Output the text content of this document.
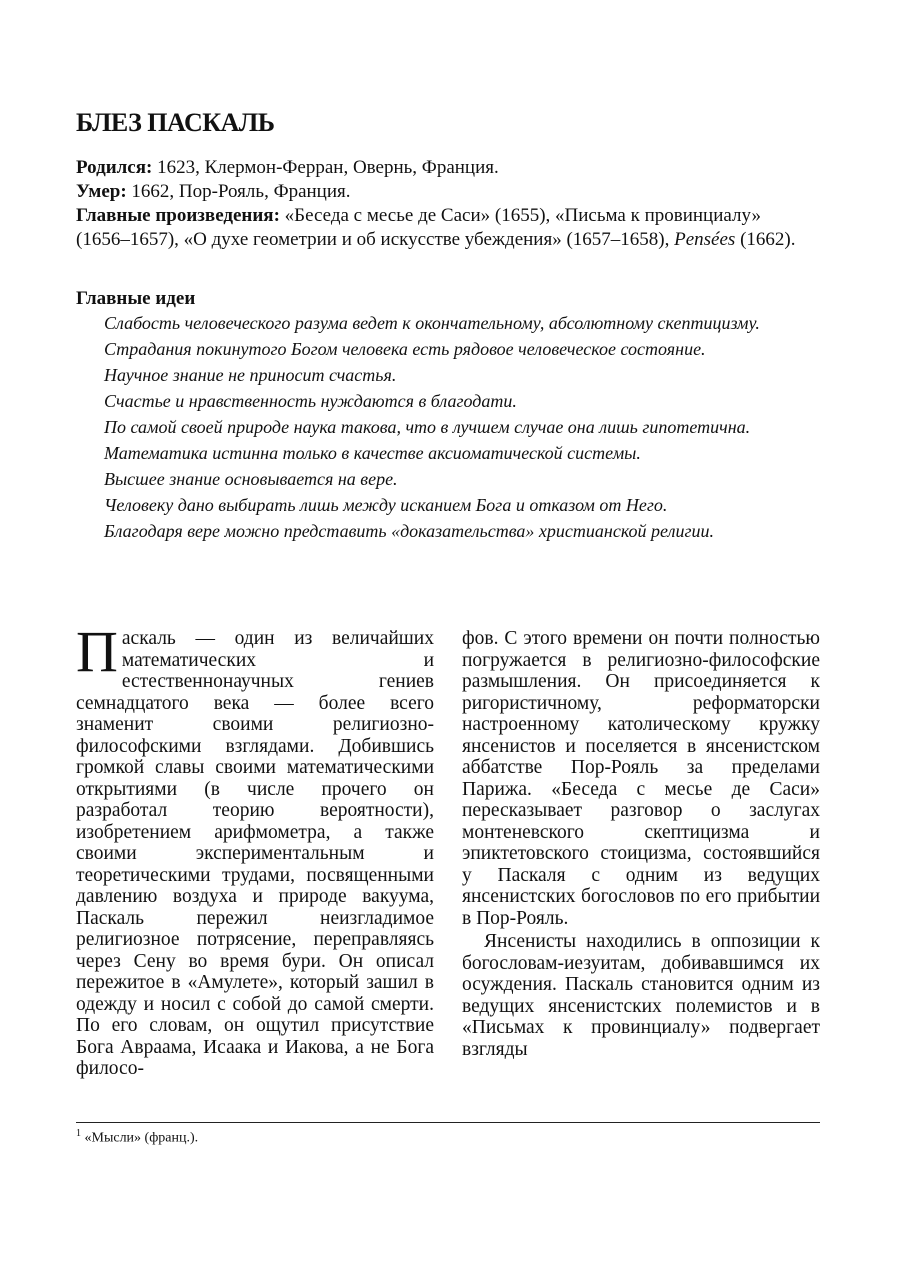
БЛЕЗ ПАСКАЛЬ

Родился: 1623, Клермон-Ферран, Овернь, Франция.

Умер: 1662, Пор-Рояль, Франция.

Главные произведения: «Беседа с месье де Саси» (1655), «Письма к провинциалу» (1656–1657), «О духе геометрии и об искусстве убеждения» (1657–1658), Pensées (1662).

Главные идеи
Слабость человеческого разума ведет к окончательному, абсолютному скептицизму.
Страдания покинутого Богом человека есть рядовое человеческое состояние.
Научное знание не приносит счастья.
Счастье и нравственность нуждаются в благодати.
По самой своей природе наука такова, что в лучшем случае она лишь гипотетична.
Математика истинна только в качестве аксиоматической системы.
Высшее знание основывается на вере.
Человеку дано выбирать лишь между исканием Бога и отказом от Него.
Благодаря вере можно представить «доказательства» христианской религии.

Паскаль — один из величайших математических и естественнонаучных гениев семнадцатого века — более всего знаменит своими религиозно-философскими взглядами. Добившись громкой славы своими математическими открытиями (в числе прочего он разработал теорию вероятности), изобретением арифмометра, а также своими экспериментальным и теоретическими трудами, посвященными давлению воздуха и природе вакуума, Паскаль пережил неизгладимое религиозное потрясение, переправляясь через Сену во время бури. Он описал пережитое в «Амулете», который зашил в одежду и носил с собой до самой смерти. По его словам, он ощутил присутствие Бога Авраама, Исаака и Иакова, а не Бога филосо-

фов. С этого времени он почти полностью погружается в религиозно-философские размышления. Он присоединяется к ригористичному, реформаторски настроенному католическому кружку янсенистов и поселяется в янсенистском аббатстве Пор-Рояль за пределами Парижа. «Беседа с месье де Саси» пересказывает разговор о заслугах монтеневского скептицизма и эпиктетовского стоицизма, состоявшийся у Паскаля с одним из ведущих янсенистских богословов по его прибытии в Пор-Рояль.

Янсенисты находились в оппозиции к богословам-иезуитам, добивавшимся их осуждения. Паскаль становится одним из ведущих янсенистских полемистов и в «Письмах к провинциалу» подвергает взгляды

$^1$ «Мысли» (франц.).
